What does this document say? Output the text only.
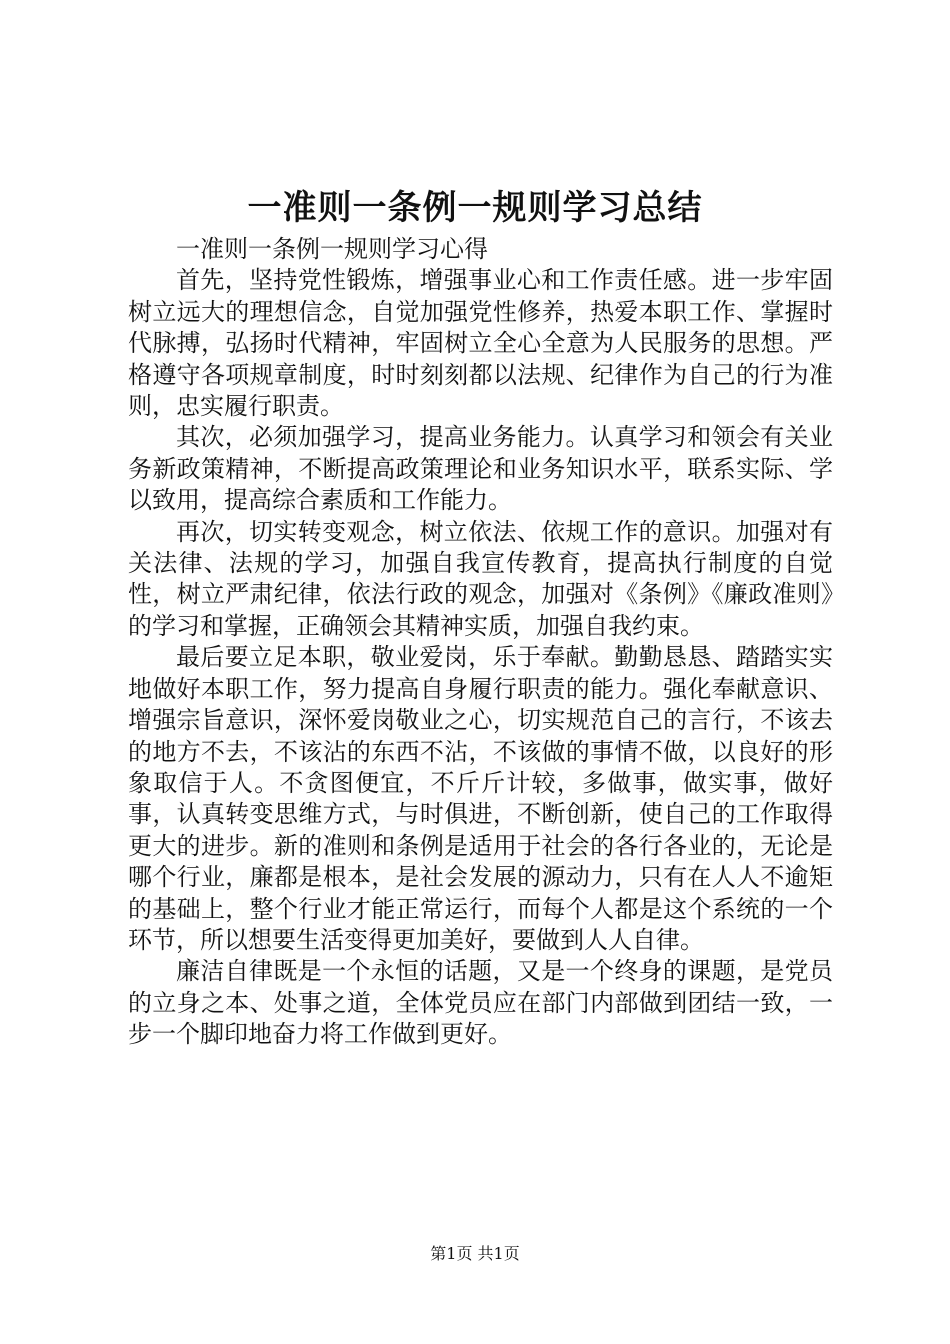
一准则一条例一规则学习总结

一准则一条例一规则学习心得

首先，坚持党性锻炼，增强事业心和工作责任感。进一步牢固树立远大的理想信念，自觉加强党性修养，热爱本职工作、掌握时代脉搏，弘扬时代精神，牢固树立全心全意为人民服务的思想。严格遵守各项规章制度，时时刻刻都以法规、纪律作为自己的行为准则，忠实履行职责。

其次，必须加强学习，提高业务能力。认真学习和领会有关业务新政策精神，不断提高政策理论和业务知识水平，联系实际、学以致用，提高综合素质和工作能力。

再次，切实转变观念，树立依法、依规工作的意识。加强对有关法律、法规的学习，加强自我宣传教育，提高执行制度的自觉性，树立严肃纪律，依法行政的观念，加强对《条例》《廉政准则》的学习和掌握，正确领会其精神实质，加强自我约束。

最后要立足本职，敬业爱岗，乐于奉献。勤勤恳恳、踏踏实实地做好本职工作，努力提高自身履行职责的能力。强化奉献意识、增强宗旨意识，深怀爱岗敬业之心，切实规范自己的言行，不该去的地方不去，不该沾的东西不沾，不该做的事情不做，以良好的形象取信于人。不贪图便宜，不斤斤计较，多做事，做实事，做好事，认真转变思维方式，与时俱进，不断创新，使自己的工作取得更大的进步。新的准则和条例是适用于社会的各行各业的，无论是哪个行业，廉都是根本，是社会发展的源动力，只有在人人不逾矩的基础上，整个行业才能正常运行，而每个人都是这个系统的一个环节，所以想要生活变得更加美好，要做到人人自律。

廉洁自律既是一个永恒的话题，又是一个终身的课题，是党员的立身之本、处事之道，全体党员应在部门内部做到团结一致，一步一个脚印地奋力将工作做到更好。

第1页 共1页
